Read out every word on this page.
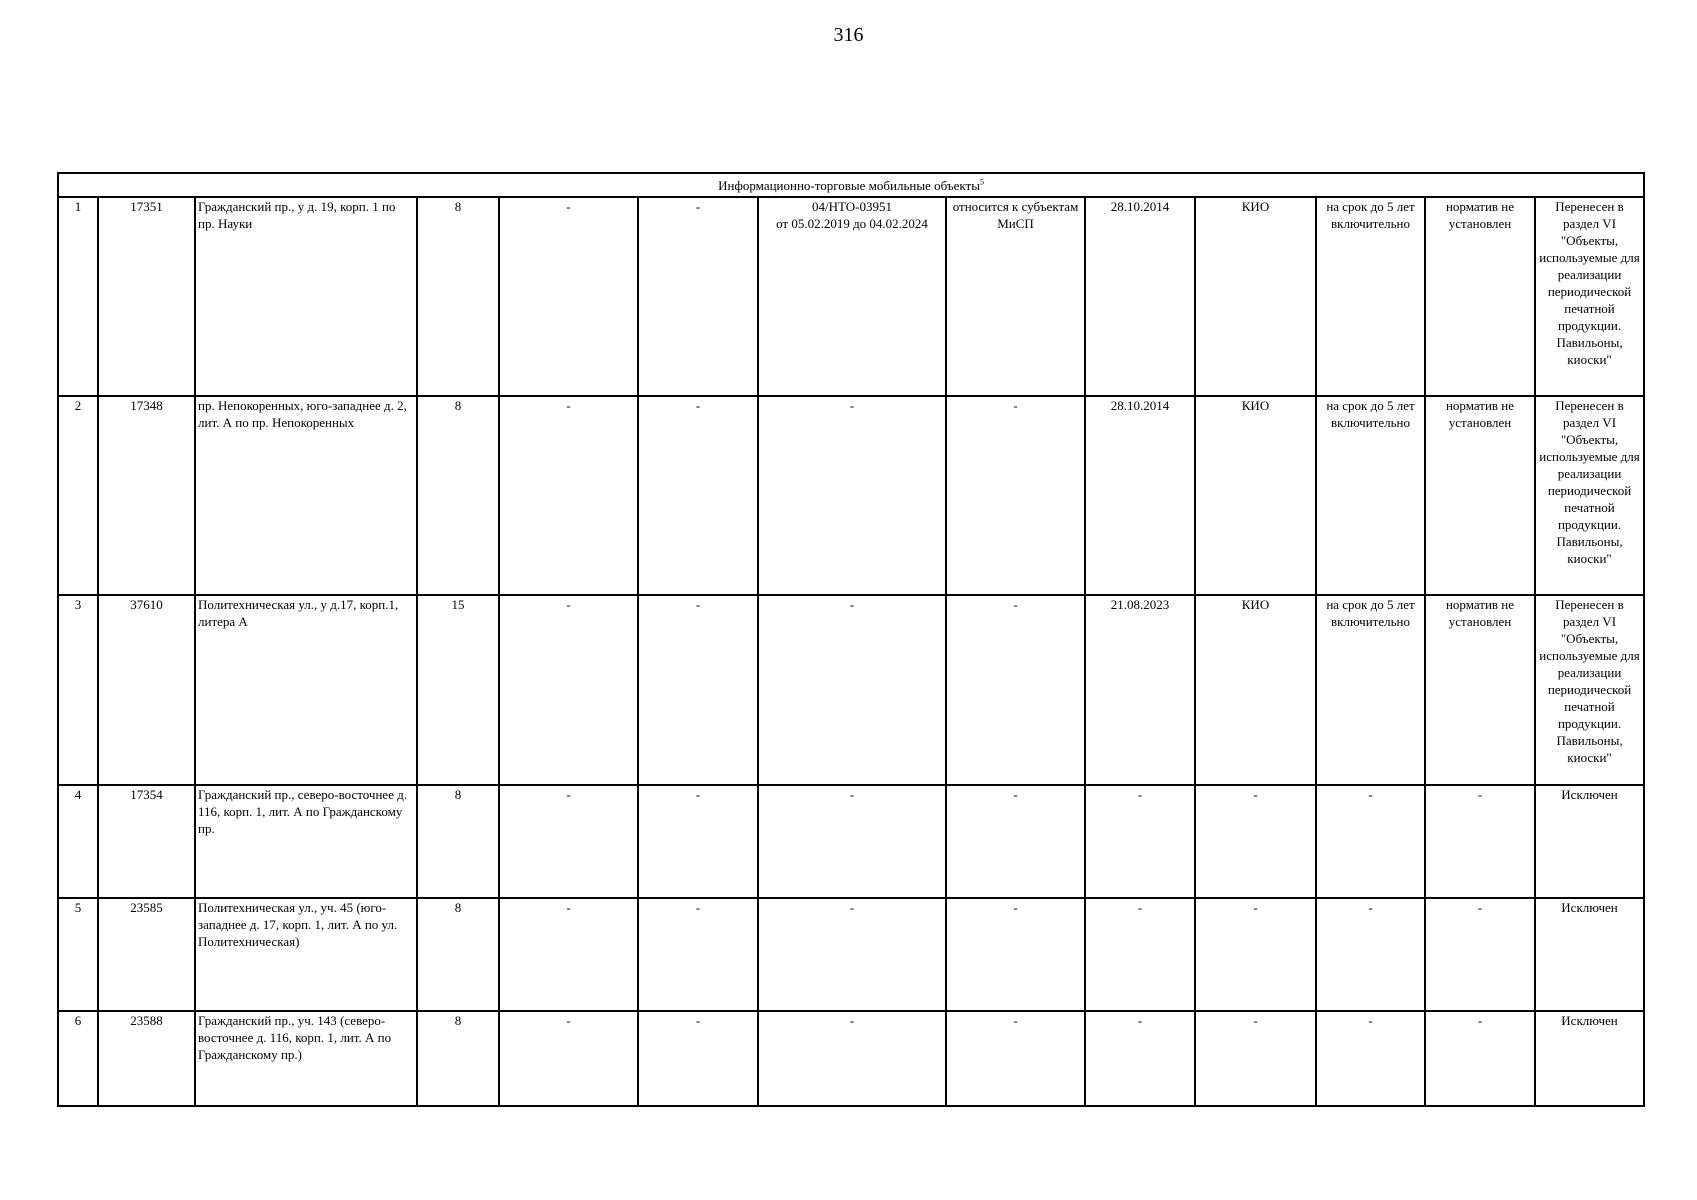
316
Информационно-торговые мобильные объекты$^5$
1	17351	Гражданский пр., у д. 19, корп. 1 по пр. Науки	8	-	-	04/НТО-03951
от 05.02.2019 до 04.02.2024	относится к субъектам МиСП	28.10.2014	КИО	на срок до 5 лет включительно	норматив не установлен	Перенесен в раздел VI "Объекты, используемые для реализации периодической печатной продукции. Павильоны, киоски"
2	17348	пр. Непокоренных, юго-западнее д. 2, лит. А по пр. Непокоренных	8	-	-	-	-	28.10.2014	КИО	на срок до 5 лет включительно	норматив не установлен	Перенесен в раздел VI "Объекты, используемые для реализации периодической печатной продукции. Павильоны, киоски"
3	37610	Политехническая ул., у д.17, корп.1, литера А	15	-	-	-	-	21.08.2023	КИО	на срок до 5 лет включительно	норматив не установлен	Перенесен в раздел VI "Объекты, используемые для реализации периодической печатной продукции. Павильоны, киоски"
4	17354	Гражданский пр., северо-восточнее д. 116, корп. 1, лит. А по Гражданскому пр.	8	-	-	-	-	-	-	-	-	Исключен
5	23585	Политехническая ул., уч. 45 (юго-западнее д. 17, корп. 1, лит. А по ул. Политехническая)	8	-	-	-	-	-	-	-	-	Исключен
6	23588	Гражданский пр., уч. 143 (северо-восточнее д. 116, корп. 1, лит. А по Гражданскому пр.)	8	-	-	-	-	-	-	-	-	Исключен
